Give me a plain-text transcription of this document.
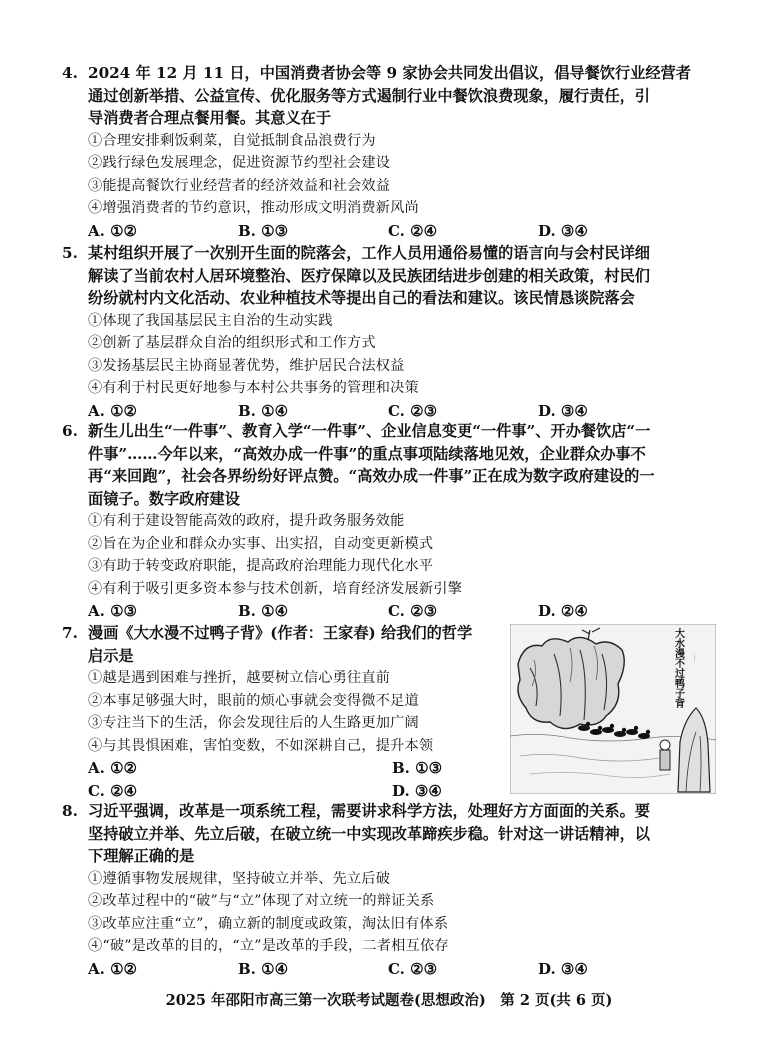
4. 2024 年 12 月 11 日，中国消费者协会等 9 家协会共同发出倡议，倡导餐饮行业经营者
通过创新举措、公益宣传、优化服务等方式遏制行业中餐饮浪费现象，履行责任，引
导消费者合理点餐用餐。其意义在于
①合理安排剩饭剩菜，自觉抵制食品浪费行为
②践行绿色发展理念，促进资源节约型社会建设
③能提高餐饮行业经营者的经济效益和社会效益
④增强消费者的节约意识，推动形成文明消费新风尚
A. ①②	B. ①③	C. ②④	D. ③④
5. 某村组织开展了一次别开生面的院落会，工作人员用通俗易懂的语言向与会村民详细
解读了当前农村人居环境整治、医疗保障以及民族团结进步创建的相关政策，村民们
纷纷就村内文化活动、农业种植技术等提出自己的看法和建议。该民情恳谈院落会
①体现了我国基层民主自治的生动实践
②创新了基层群众自治的组织形式和工作方式
③发扬基层民主协商显著优势，维护居民合法权益
④有利于村民更好地参与本村公共事务的管理和决策
A. ①②	B. ①④	C. ②③	D. ③④
6. 新生儿出生“一件事”、教育入学“一件事”、企业信息变更“一件事”、开办餐饮店“一
件事”……今年以来，“高效办成一件事”的重点事项陆续落地见效，企业群众办事不
再“来回跑”，社会各界纷纷好评点赞。“高效办成一件事”正在成为数字政府建设的一
面镜子。数字政府建设
①有利于建设智能高效的政府，提升政务服务效能
②旨在为企业和群众办实事、出实招，自动变更新模式
③有助于转变政府职能，提高政府治理能力现代化水平
④有利于吸引更多资本参与技术创新，培育经济发展新引擎
A. ①③	B. ①④	C. ②③	D. ②④
7. 漫画《大水漫不过鸭子背》(作者：王家春) 给我们的哲学
启示是
①越是遇到困难与挫折，越要树立信心勇往直前
②本事足够强大时，眼前的烦心事就会变得微不足道
③专注当下的生活，你会发现往后的人生路更加广阔
④与其畏惧困难，害怕变数，不如深耕自己，提升本领
A. ①②	B. ①③
C. ②④	D. ③④
大水漫不过鸭子背	·····
8. 习近平强调，改革是一项系统工程，需要讲求科学方法，处理好方方面面的关系。要
坚持破立并举、先立后破，在破立统一中实现改革蹄疾步稳。针对这一讲话精神，以
下理解正确的是
①遵循事物发展规律，坚持破立并举、先立后破
②改革过程中的“破”与“立”体现了对立统一的辩证关系
③改革应注重“立”，确立新的制度或政策，淘汰旧有体系
④“破”是改革的目的，“立”是改革的手段，二者相互依存
A. ①②	B. ①④	C. ②③	D. ③④
2025 年邵阳市高三第一次联考试题卷(思想政治)　第 2 页(共 6 页)
